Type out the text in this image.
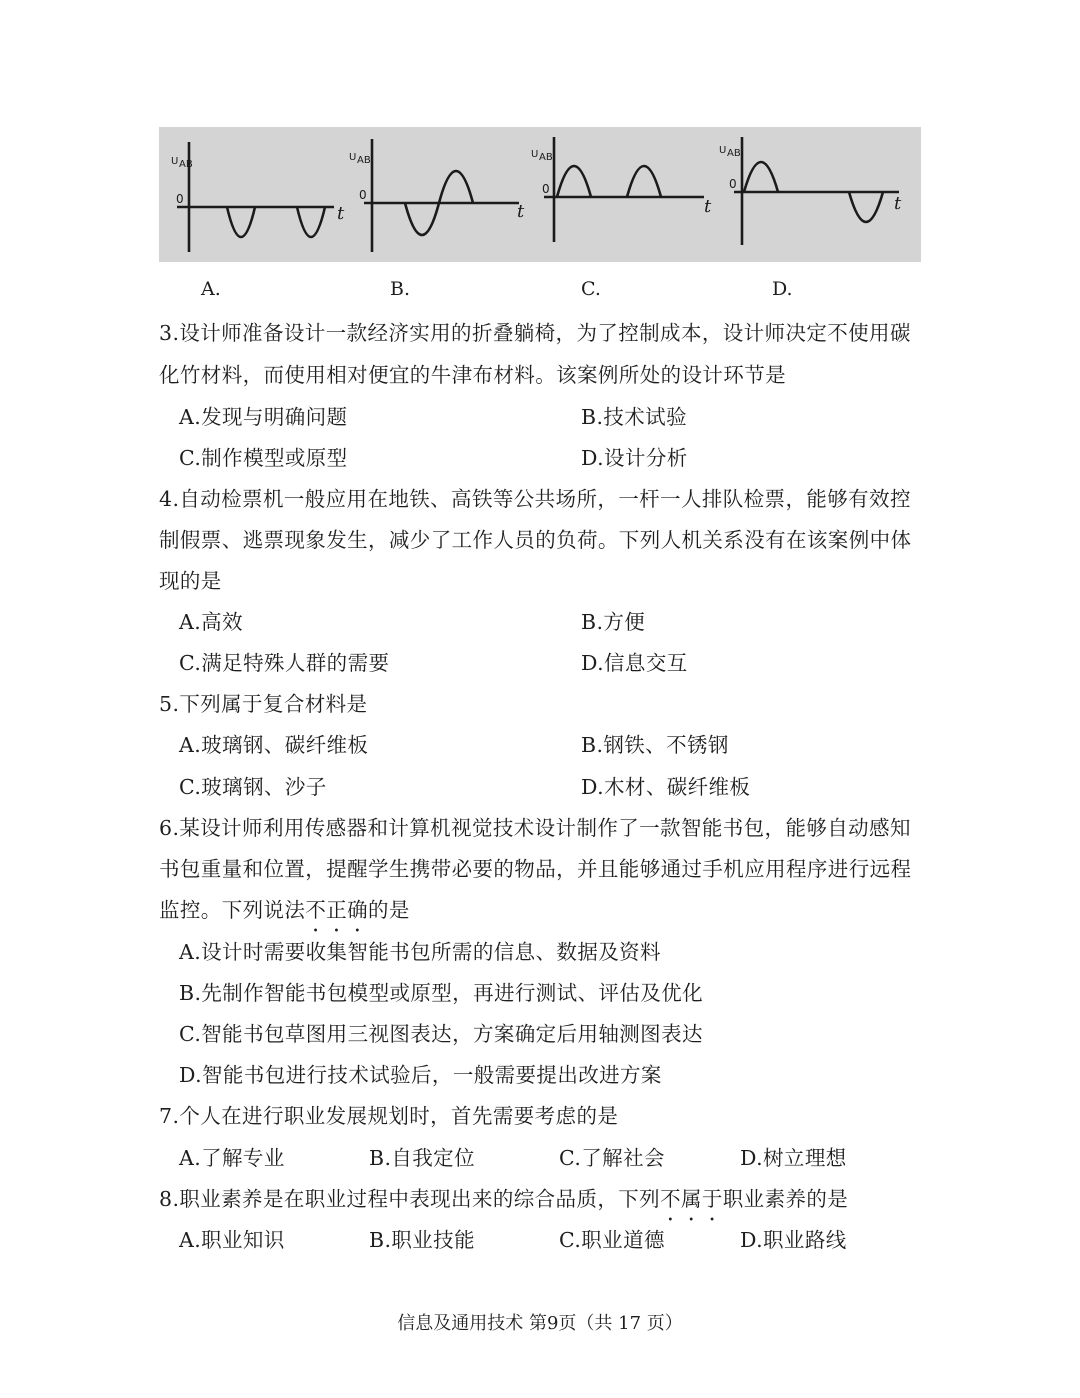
U AB
0
t
U AB
0
t
U AB
0
t
U AB
0
t
A.	B.	C.	D.
3.设计师准备设计一款经济实用的折叠躺椅，为了控制成本，设计师决定不使用碳
化竹材料，而使用相对便宜的牛津布材料。该案例所处的设计环节是
A.发现与明确问题	B.技术试验
C.制作模型或原型	D.设计分析
4.自动检票机一般应用在地铁、高铁等公共场所，一杆一人排队检票，能够有效控
制假票、逃票现象发生，减少了工作人员的负荷。下列人机关系没有在该案例中体
现的是
A.高效	B.方便
C.满足特殊人群的需要	D.信息交互
5.下列属于复合材料是
A.玻璃钢、碳纤维板	B.钢铁、不锈钢
C.玻璃钢、沙子	D.木材、碳纤维板
6.某设计师利用传感器和计算机视觉技术设计制作了一款智能书包，能够自动感知
书包重量和位置，提醒学生携带必要的物品，并且能够通过手机应用程序进行远程
监控。下列说法不正确的是
A.设计时需要收集智能书包所需的信息、数据及资料
B.先制作智能书包模型或原型，再进行测试、评估及优化
C.智能书包草图用三视图表达，方案确定后用轴测图表达
D.智能书包进行技术试验后，一般需要提出改进方案
7.个人在进行职业发展规划时，首先需要考虑的是
A.了解专业	B.自我定位	C.了解社会	D.树立理想
8.职业素养是在职业过程中表现出来的综合品质，下列不属于职业素养的是
A.职业知识	B.职业技能	C.职业道德	D.职业路线
信息及通用技术 第9页（共 17 页）
